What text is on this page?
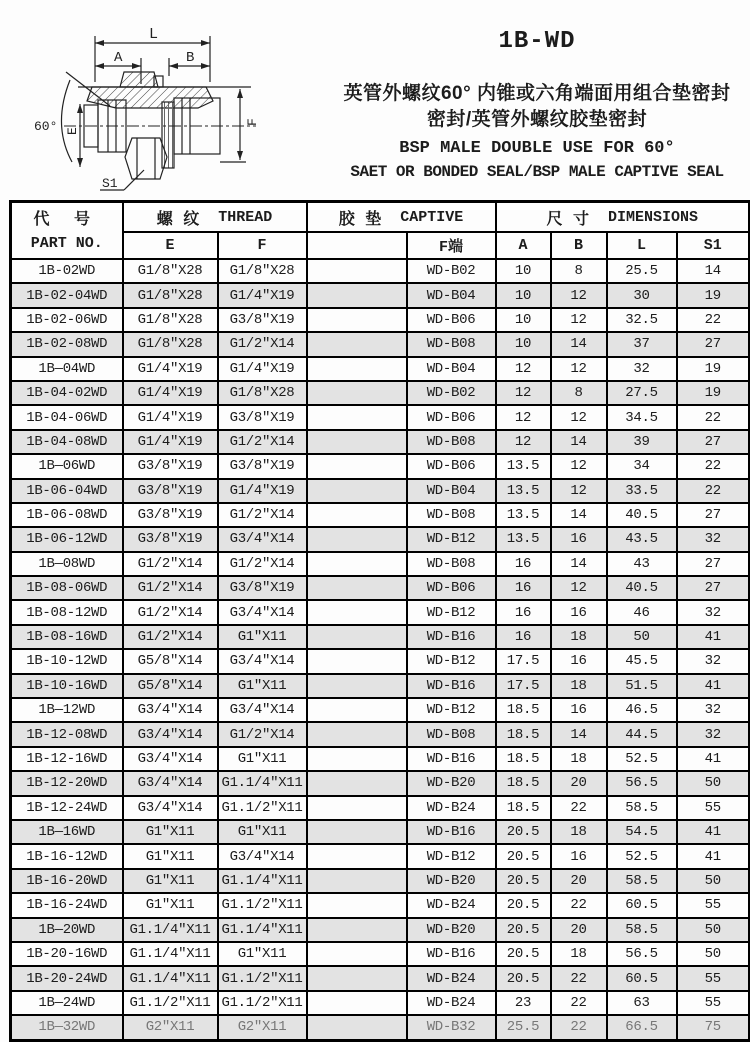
L
A	B
60° E
F
S1
1B-WD
英管外螺纹60° 内锥或六角端面用组合垫密封
密封/英管外螺纹胶垫密封
BSP MALE DOUBLE USE FOR 60°
SAET OR BONDED SEAL/BSP MALE CAPTIVE SEAL
代 号
PART NO.	螺 纹 THREAD		胶 垫 CAPTIVE		尺 寸 DIMENSIONS			

	E	F		F端	A	B	L	S1
1B-02WD	G1/8″X28	G1/8″X28		WD-B02	10	8	25.5	14
1B-02-04WD	G1/8″X28	G1/4″X19		WD-B04	10	12	30	19
1B-02-06WD	G1/8″X28	G3/8″X19		WD-B06	10	12	32.5	22
1B-02-08WD	G1/8″X28	G1/2″X14		WD-B08	10	14	37	27
1B—04WD	G1/4″X19	G1/4″X19		WD-B04	12	12	32	19
1B-04-02WD	G1/4″X19	G1/8″X28		WD-B02	12	8	27.5	19
1B-04-06WD	G1/4″X19	G3/8″X19		WD-B06	12	12	34.5	22
1B-04-08WD	G1/4″X19	G1/2″X14		WD-B08	12	14	39	27
1B—06WD	G3/8″X19	G3/8″X19		WD-B06	13.5	12	34	22
1B-06-04WD	G3/8″X19	G1/4″X19		WD-B04	13.5	12	33.5	22
1B-06-08WD	G3/8″X19	G1/2″X14		WD-B08	13.5	14	40.5	27
1B-06-12WD	G3/8″X19	G3/4″X14		WD-B12	13.5	16	43.5	32
1B—08WD	G1/2″X14	G1/2″X14		WD-B08	16	14	43	27
1B-08-06WD	G1/2″X14	G3/8″X19		WD-B06	16	12	40.5	27
1B-08-12WD	G1/2″X14	G3/4″X14		WD-B12	16	16	46	32
1B-08-16WD	G1/2″X14	G1″X11		WD-B16	16	18	50	41
1B-10-12WD	G5/8″X14	G3/4″X14		WD-B12	17.5	16	45.5	32
1B-10-16WD	G5/8″X14	G1″X11		WD-B16	17.5	18	51.5	41
1B—12WD	G3/4″X14	G3/4″X14		WD-B12	18.5	16	46.5	32
1B-12-08WD	G3/4″X14	G1/2″X14		WD-B08	18.5	14	44.5	32
1B-12-16WD	G3/4″X14	G1″X11		WD-B16	18.5	18	52.5	41
1B-12-20WD	G3/4″X14	G1.1/4″X11		WD-B20	18.5	20	56.5	50
1B-12-24WD	G3/4″X14	G1.1/2″X11		WD-B24	18.5	22	58.5	55
1B—16WD	G1″X11	G1″X11		WD-B16	20.5	18	54.5	41
1B-16-12WD	G1″X11	G3/4″X14		WD-B12	20.5	16	52.5	41
1B-16-20WD	G1″X11	G1.1/4″X11		WD-B20	20.5	20	58.5	50
1B-16-24WD	G1″X11	G1.1/2″X11		WD-B24	20.5	22	60.5	55
1B—20WD	G1.1/4″X11	G1.1/4″X11		WD-B20	20.5	20	58.5	50
1B-20-16WD	G1.1/4″X11	G1″X11		WD-B16	20.5	18	56.5	50
1B-20-24WD	G1.1/4″X11	G1.1/2″X11		WD-B24	20.5	22	60.5	55
1B—24WD	G1.1/2″X11	G1.1/2″X11		WD-B24	23	22	63	55
1B—32WD	G2″X11	G2″X11		WD-B32	25.5	22	66.5	75
